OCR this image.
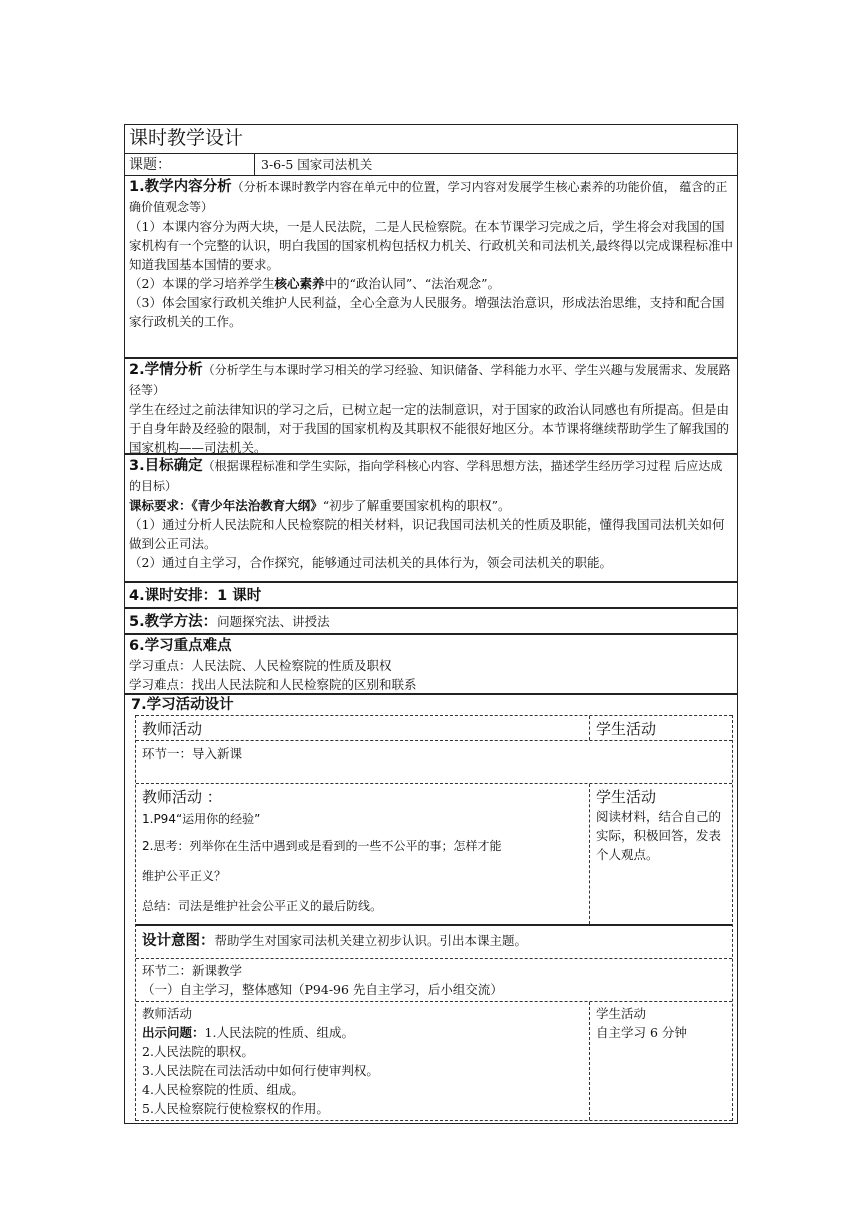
课时教学设计
课题：	3-6-5 国家司法机关
1.教学内容分析（分析本课时教学内容在单元中的位置，学习内容对发展学生核心素养的功能价值， 蕴含的正确价值观念等）
（1）本课内容分为两大块，一是人民法院，二是人民检察院。在本节课学习完成之后，学生将会对我国的国家机构有一个完整的认识，明白我国的国家机构包括权力机关、行政机关和司法机关,最终得以完成课程标准中知道我国基本国情的要求。
（2）本课的学习培养学生核心素养中的“政治认同”、“法治观念”。
（3）体会国家行政机关维护人民利益，全心全意为人民服务。增强法治意识，形成法治思维，支持和配合国家行政机关的工作。
2.学情分析（分析学生与本课时学习相关的学习经验、知识储备、学科能力水平、学生兴趣与发展需求、发展路径等）
学生在经过之前法律知识的学习之后，已树立起一定的法制意识，对于国家的政治认同感也有所提高。但是由于自身年龄及经验的限制，对于我国的国家机构及其职权不能很好地区分。本节课将继续帮助学生了解我国的国家机构——司法机关。
3.目标确定（根据课程标准和学生实际，指向学科核心内容、学科思想方法，描述学生经历学习过程 后应达成的目标）
课标要求：《青少年法治教育大纲》“初步了解重要国家机构的职权”。
（1）通过分析人民法院和人民检察院的相关材料，识记我国司法机关的性质及职能，懂得我国司法机关如何做到公正司法。
（2）通过自主学习，合作探究，能够通过司法机关的具体行为，领会司法机关的职能。
4.课时安排：1 课时
5.教学方法：问题探究法、讲授法
6.学习重点难点
学习重点：人民法院、人民检察院的性质及职权
学习难点：找出人民法院和人民检察院的区别和联系
7.学习活动设计
教师活动	学生活动
环节一：导入新课
教师活动 ：
1.P94“运用你的经验”
2.思考：列举你在生活中遇到或是看到的一些不公平的事；怎样才能
维护公平正义？
总结：司法是维护社会公平正义的最后防线。
学生活动
阅读材料，结合自己的实际，积极回答，发表个人观点。
设计意图：帮助学生对国家司法机关建立初步认识。引出本课主题。
环节二：新课教学
（一）自主学习，整体感知（P94-96 先自主学习，后小组交流）
教师活动
出示问题：1.人民法院的性质、组成。
2.人民法院的职权。
3.人民法院在司法活动中如何行使审判权。
4.人民检察院的性质、组成。
5.人民检察院行使检察权的作用。
学生活动
自主学习 6 分钟
